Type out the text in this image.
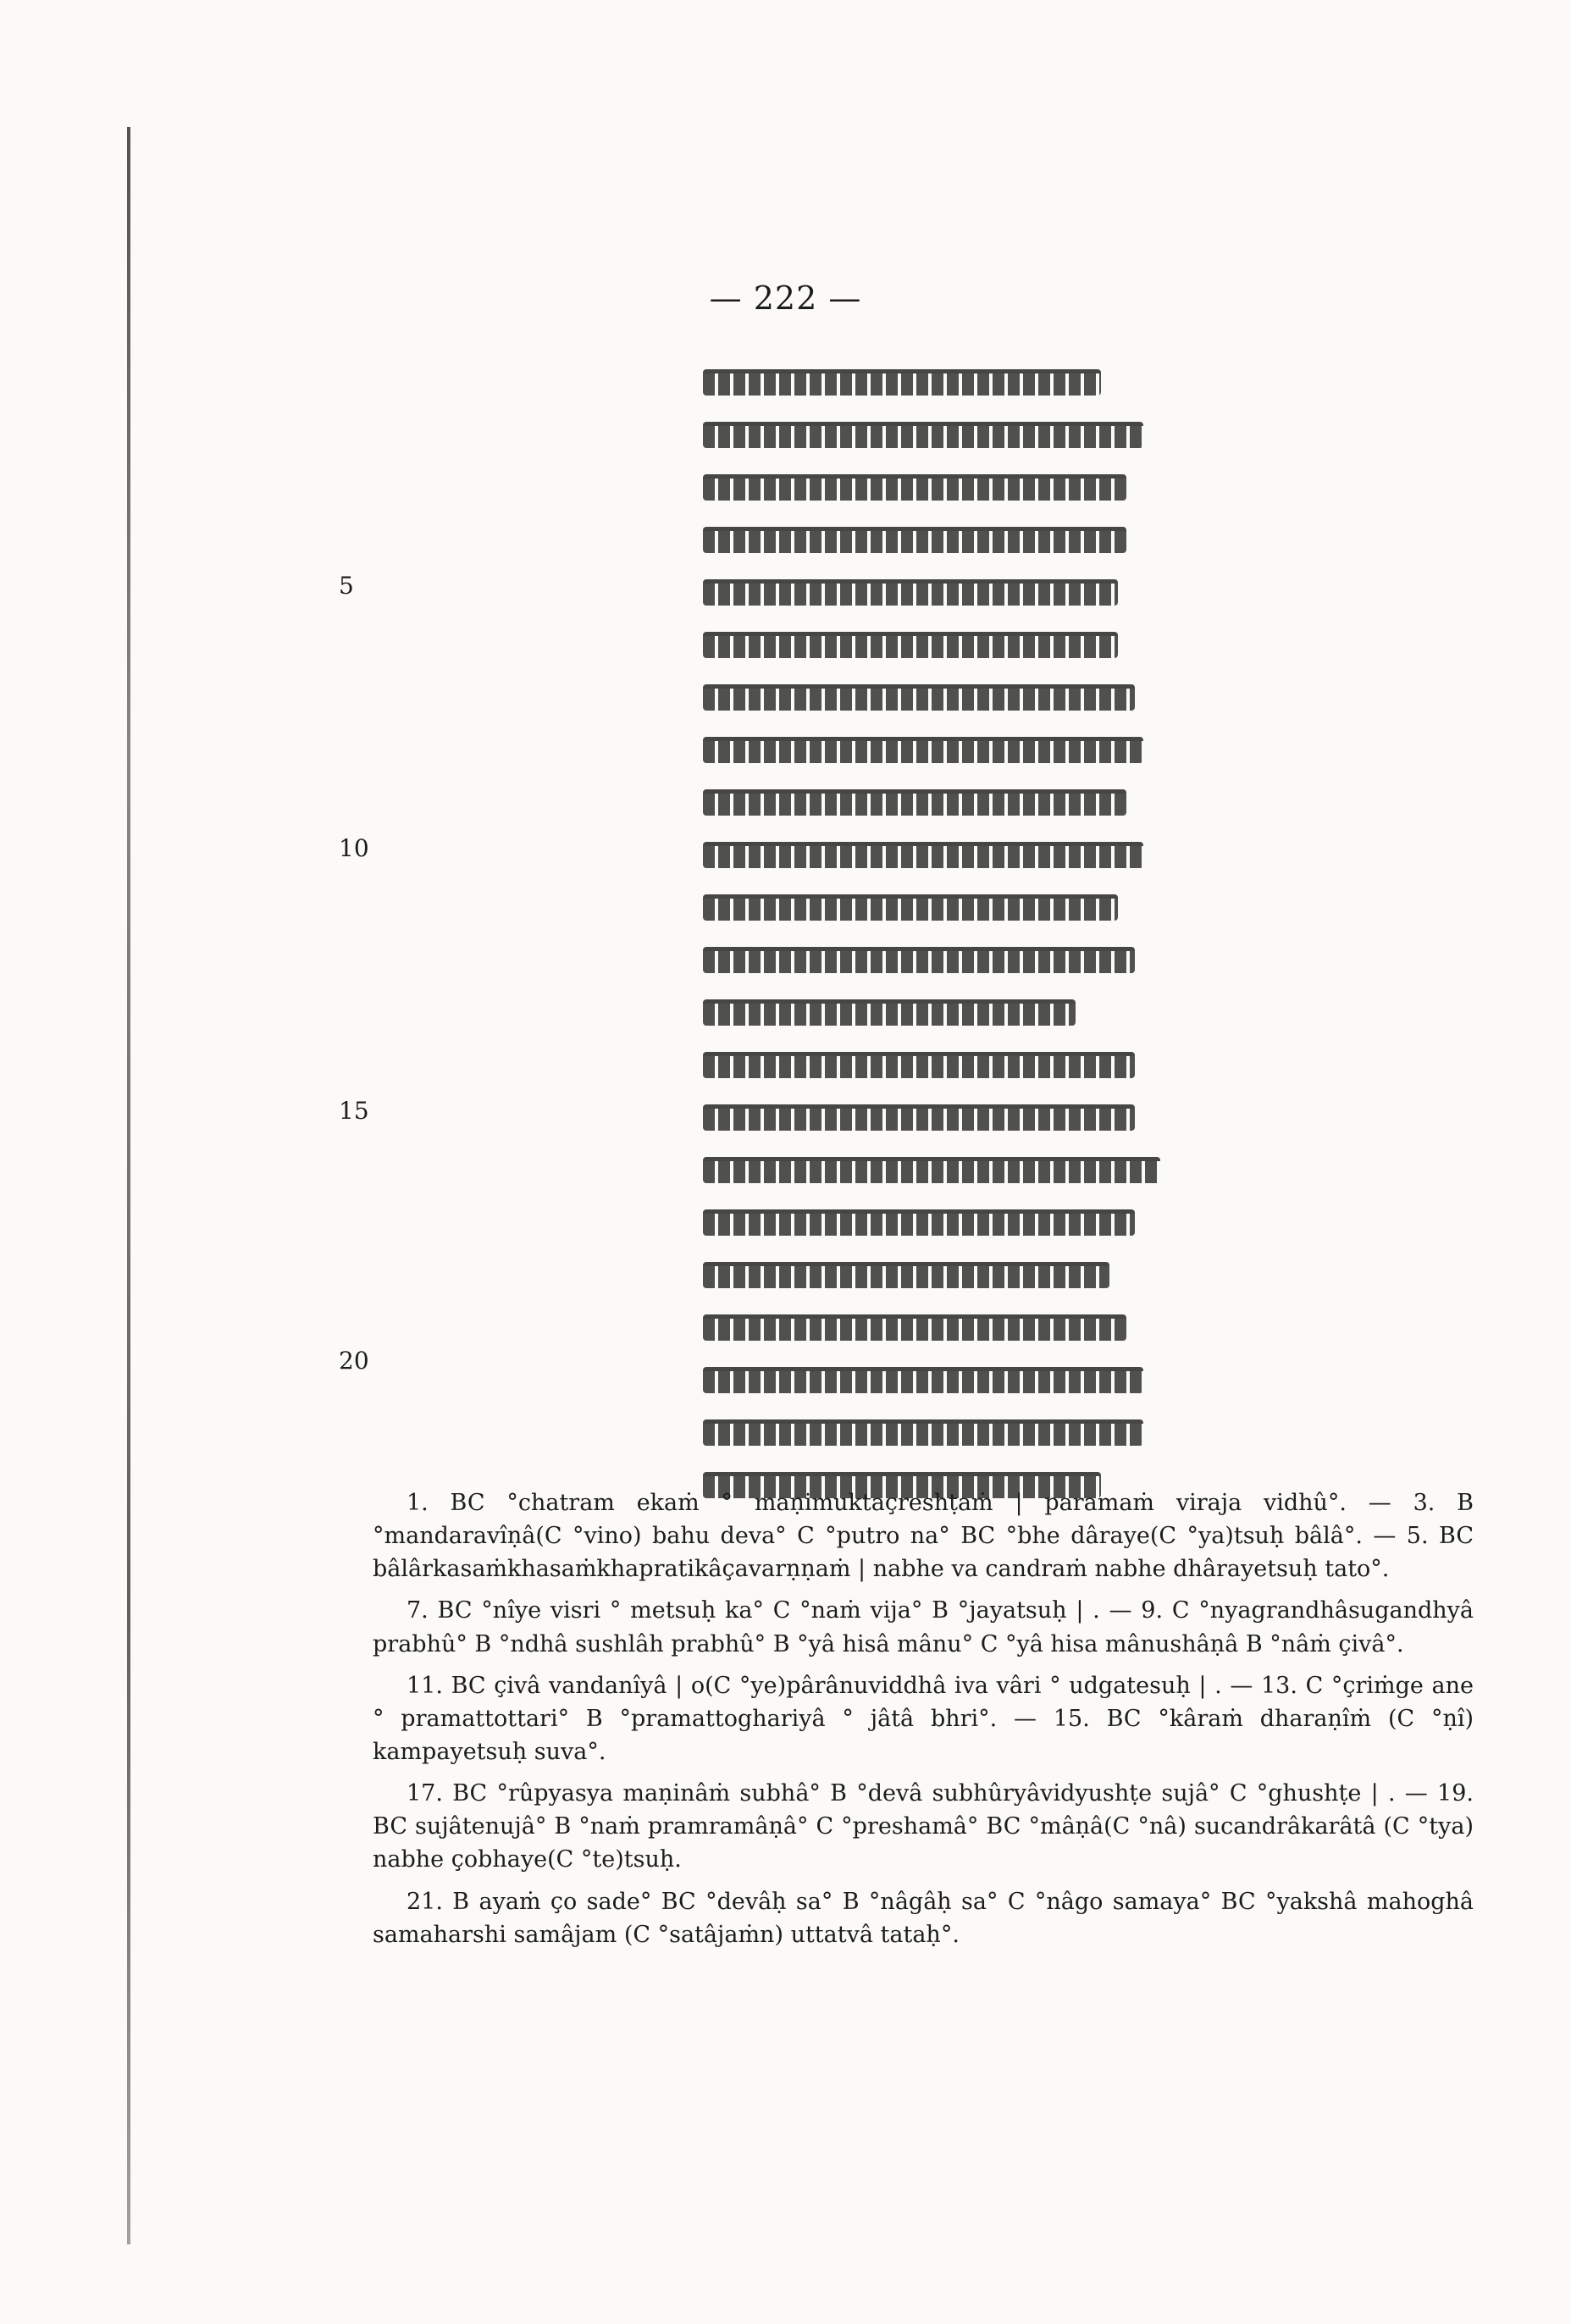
— 222 —
5
10
15
20

1. BC °chatram ekaṁ ° maṇimuktaçreshṭaṁ | paramaṁ viraja vidhû°. — 3. B °mandaravîṇâ(C °vino) bahu deva° C °putro na° BC °bhe dâraye(C °ya)tsuḥ bâlâ°. — 5. BC bâlârkasaṁkhasaṁkhapratikâçavarṇṇaṁ | nabhe va candraṁ nabhe dhârayetsuḥ tato°.

7. BC °nîye visri ° metsuḥ ka° C °naṁ vija° B °jayatsuḥ | . — 9. C °nyagrandhâsugandhyâ prabhû° B °ndhâ sushlâh prabhû° B °yâ hisâ mânu° C °yâ hisa mânushâṇâ B °nâṁ çivâ°.

11. BC çivâ vandanîyâ | o(C °ye)pârânuviddhâ iva vâri ° udgatesuḥ | . — 13. C °çriṁge ane ° pramattottari° B °pramattoghariyâ ° jâtâ bhri°. — 15. BC °kâraṁ dharaṇîṁ (C °ṇî) kampayetsuḥ suva°.

17. BC °rûpyasya maṇinâṁ subhâ° B °devâ subhûryâvidyushṭe sujâ° C °ghushṭe | . — 19. BC sujâtenujâ° B °naṁ pramramâṇâ° C °preshamâ° BC °mâṇâ(C °nâ) sucandrâkarâtâ (C °tya) nabhe çobhaye(C °te)tsuḥ.

21. B ayaṁ ço sade° BC °devâḥ sa° B °nâgâḥ sa° C °nâgo samaya° BC °yakshâ mahoghâ samaharshi samâjam (C °satâjaṁn) uttatvâ tataḥ°.
